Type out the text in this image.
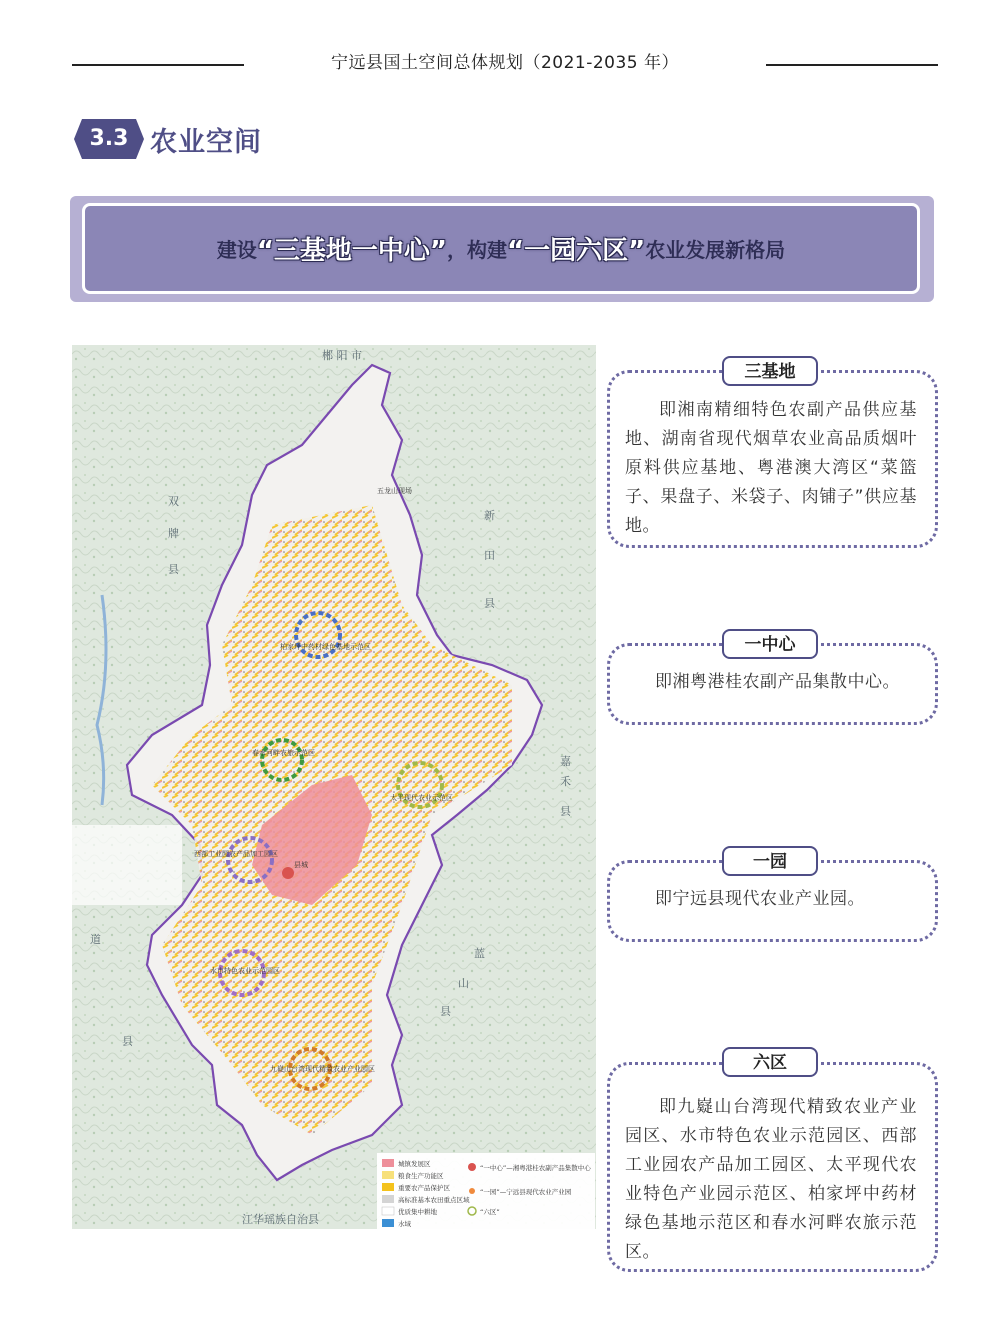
宁远县国土空间总体规划（2021-2035 年）
3.3 农业空间
建设 “三基地一中心” ，构建 “一园六区” 农业发展新格局
郴 阳 市
双
牌
县
道
县
新
田
县
嘉
禾
县
蓝
山
县
江华瑶族自治县
五龙山现场
柏家坪中药材绿色基地示范区
春水河畔农旅示范区
太平现代农业示范区
西部工业园农产品加工园区
水市特色农业示范园区
九嶷山台湾现代精致农业产业园区
县城
城镇发展区
粮食生产功能区
重要农产品保护区
高标准基本农田重点区域
优质集中耕地
水域
“一中心”—湘粤港桂农副产品集散中心
“一园”—宁远县现代农业产业园
“六区”
三基地
即湘南精细特色农副产品供应基地、湖南省现代烟草农业高品质烟叶原料供应基地、粤港澳大湾区“菜篮子、果盘子、米袋子、肉铺子”供应基地。
一中心
即湘粤港桂农副产品集散中心。
一园
即宁远县现代农业产业园。
六区
即九嶷山台湾现代精致农业产业园区、水市特色农业示范园区、西部工业园农产品加工园区、太平现代农业特色产业园示范区、柏家坪中药材绿色基地示范区和春水河畔农旅示范区。
